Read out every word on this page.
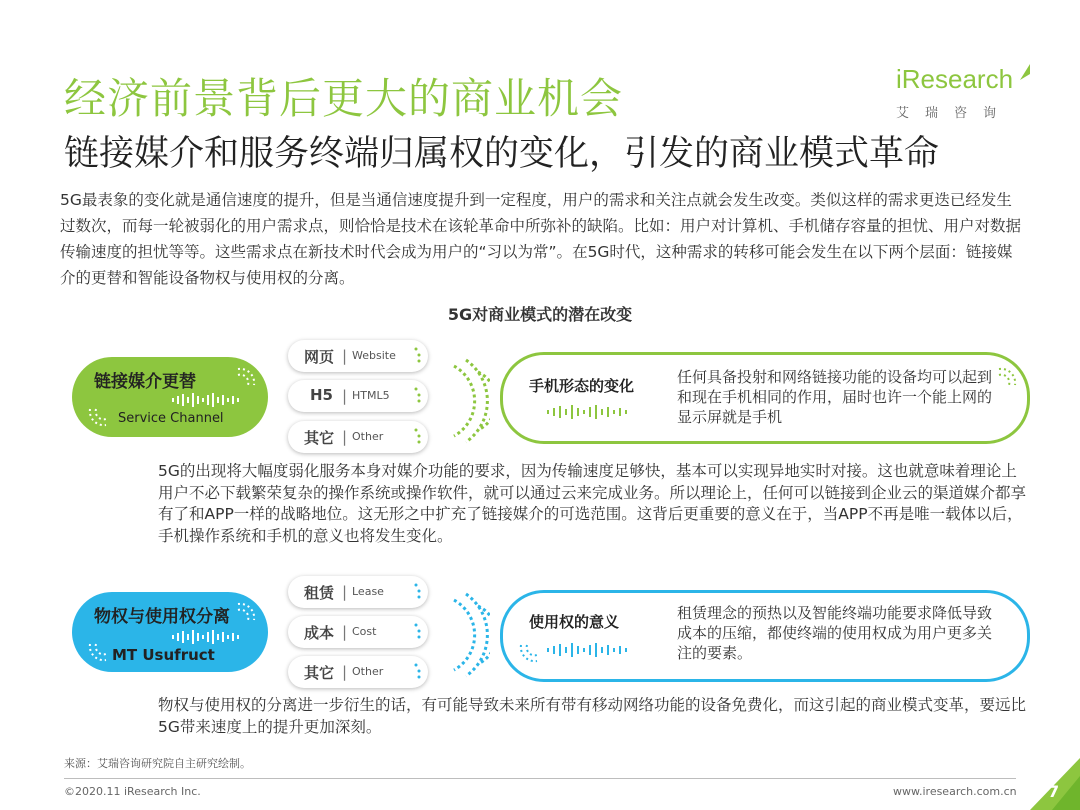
经济前景背后更大的商业机会
链接媒介和服务终端归属权的变化，引发的商业模式革命
iResearch
艾瑞咨询
5G最表象的变化就是通信速度的提升，但是当通信速度提升到一定程度，用户的需求和关注点就会发生改变。类似这样的需求更迭已经发生过数次，而每一轮被弱化的用户需求点，则恰恰是技术在该轮革命中所弥补的缺陷。比如：用户对计算机、手机储存容量的担忧、用户对数据传输速度的担忧等等。这些需求点在新技术时代会成为用户的“习以为常”。在5G时代，这种需求的转移可能会发生在以下两个层面：链接媒介的更替和智能设备物权与使用权的分离。
5G对商业模式的潜在改变
链接媒介更替
Service Channel
网页 | Website
H5 | HTML5
其它 | Other
手机形态的变化	任何具备投射和网络链接功能的设备均可以起到和现在手机相同的作用，届时也许一个能上网的显示屏就是手机
5G的出现将大幅度弱化服务本身对媒介功能的要求，因为传输速度足够快，基本可以实现异地实时对接。这也就意味着理论上用户不必下载繁荣复杂的操作系统或操作软件，就可以通过云来完成业务。所以理论上，任何可以链接到企业云的渠道媒介都享有了和APP一样的战略地位。这无形之中扩充了链接媒介的可选范围。这背后更重要的意义在于，当APP不再是唯一载体以后，手机操作系统和手机的意义也将发生变化。
物权与使用权分离
MT Usufruct
租赁 | Lease
成本 | Cost
其它 | Other
使用权的意义	租赁理念的预热以及智能终端功能要求降低导致成本的压缩，都使终端的使用权成为用户更多关注的要素。
物权与使用权的分离进一步衍生的话，有可能导致未来所有带有移动网络功能的设备免费化，而这引起的商业模式变革，要远比5G带来速度上的提升更加深刻。
来源：艾瑞咨询研究院自主研究绘制。
©2020.11 iResearch Inc.	www.iresearch.com.cn 7
